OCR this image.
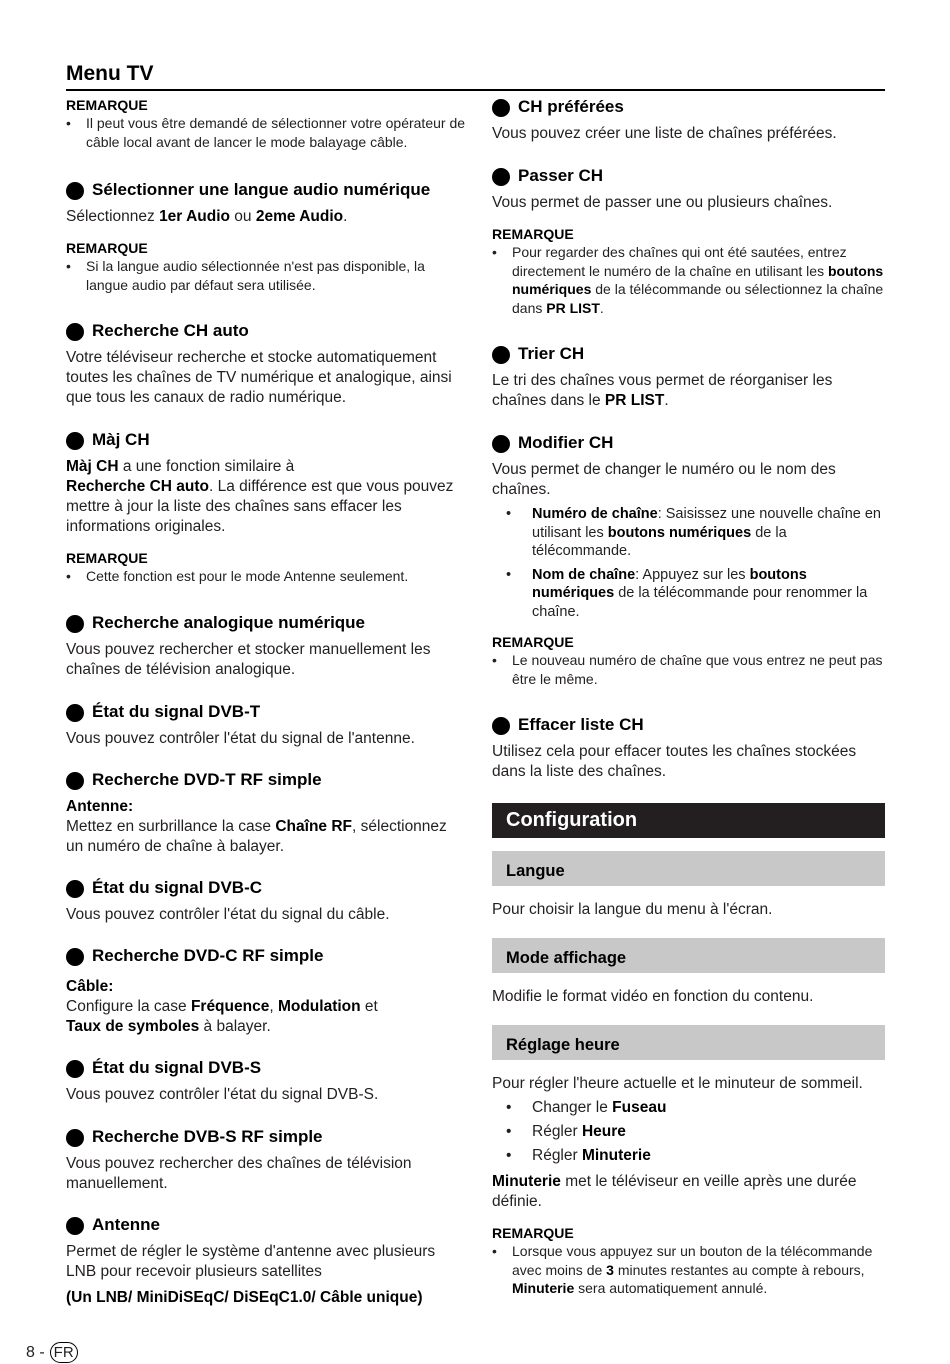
Menu TV
REMARQUE
• Il peut vous être demandé de sélectionner votre opérateur de câble local avant de lancer le mode balayage câble.
Sélectionner une langue audio numérique
Sélectionnez 1er Audio ou 2eme Audio.
REMARQUE
• Si la langue audio sélectionnée n'est pas disponible, la langue audio par défaut sera utilisée.
Recherche CH auto
Votre téléviseur recherche et stocke automatiquement toutes les chaînes de TV numérique et analogique, ainsi que tous les canaux de radio numérique.
Màj CH
Màj CH a une fonction similaire à
Recherche CH auto. La différence est que vous pouvez mettre à jour la liste des chaînes sans effacer les informations originales.
REMARQUE
• Cette fonction est pour le mode Antenne seulement.
Recherche analogique numérique
Vous pouvez rechercher et stocker manuellement les chaînes de télévision analogique.
État du signal DVB-T
Vous pouvez contrôler l'état du signal de l'antenne.
Recherche DVD-T RF simple
Antenne:
Mettez en surbrillance la case Chaîne RF, sélectionnez un numéro de chaîne à balayer.
État du signal DVB-C
Vous pouvez contrôler l'état du signal du câble.
Recherche DVD-C RF simple
Câble:
Configure la case Fréquence, Modulation et
Taux de symboles à balayer.
État du signal DVB-S
Vous pouvez contrôler l'état du signal DVB-S.
Recherche DVB-S RF simple
Vous pouvez rechercher des chaînes de télévision manuellement.
Antenne
Permet de régler le système d'antenne avec plusieurs LNB pour recevoir plusieurs satellites
(Un LNB/ MiniDiSEqC/ DiSEqC1.0/ Câble unique)
CH préférées
Vous pouvez créer une liste de chaînes préférées.
Passer CH
Vous permet de passer une ou plusieurs chaînes.
REMARQUE
• Pour regarder des chaînes qui ont été sautées, entrez directement le numéro de la chaîne en utilisant les boutons numériques de la télécommande ou sélectionnez la chaîne dans PR LIST.
Trier CH
Le tri des chaînes vous permet de réorganiser les chaînes dans le PR LIST.
Modifier CH
Vous permet de changer le numéro ou le nom des chaînes.
• Numéro de chaîne: Saisissez une nouvelle chaîne en utilisant les boutons numériques de la télécommande.
• Nom de chaîne: Appuyez sur les boutons numériques de la télécommande pour renommer la chaîne.
REMARQUE
• Le nouveau numéro de chaîne que vous entrez ne peut pas être le même.
Effacer liste CH
Utilisez cela pour effacer toutes les chaînes stockées dans la liste des chaînes.
Configuration
Langue
Pour choisir la langue du menu à l'écran.
Mode affichage
Modifie le format vidéo en fonction du contenu.
Réglage heure
Pour régler l'heure actuelle et le minuteur de sommeil.
• Changer le Fuseau
• Régler Heure
• Régler Minuterie
Minuterie met le téléviseur en veille après une durée définie.
REMARQUE
• Lorsque vous appuyez sur un bouton de la télécommande avec moins de 3 minutes restantes au compte à rebours, Minuterie sera automatiquement annulé.
8 - FR
